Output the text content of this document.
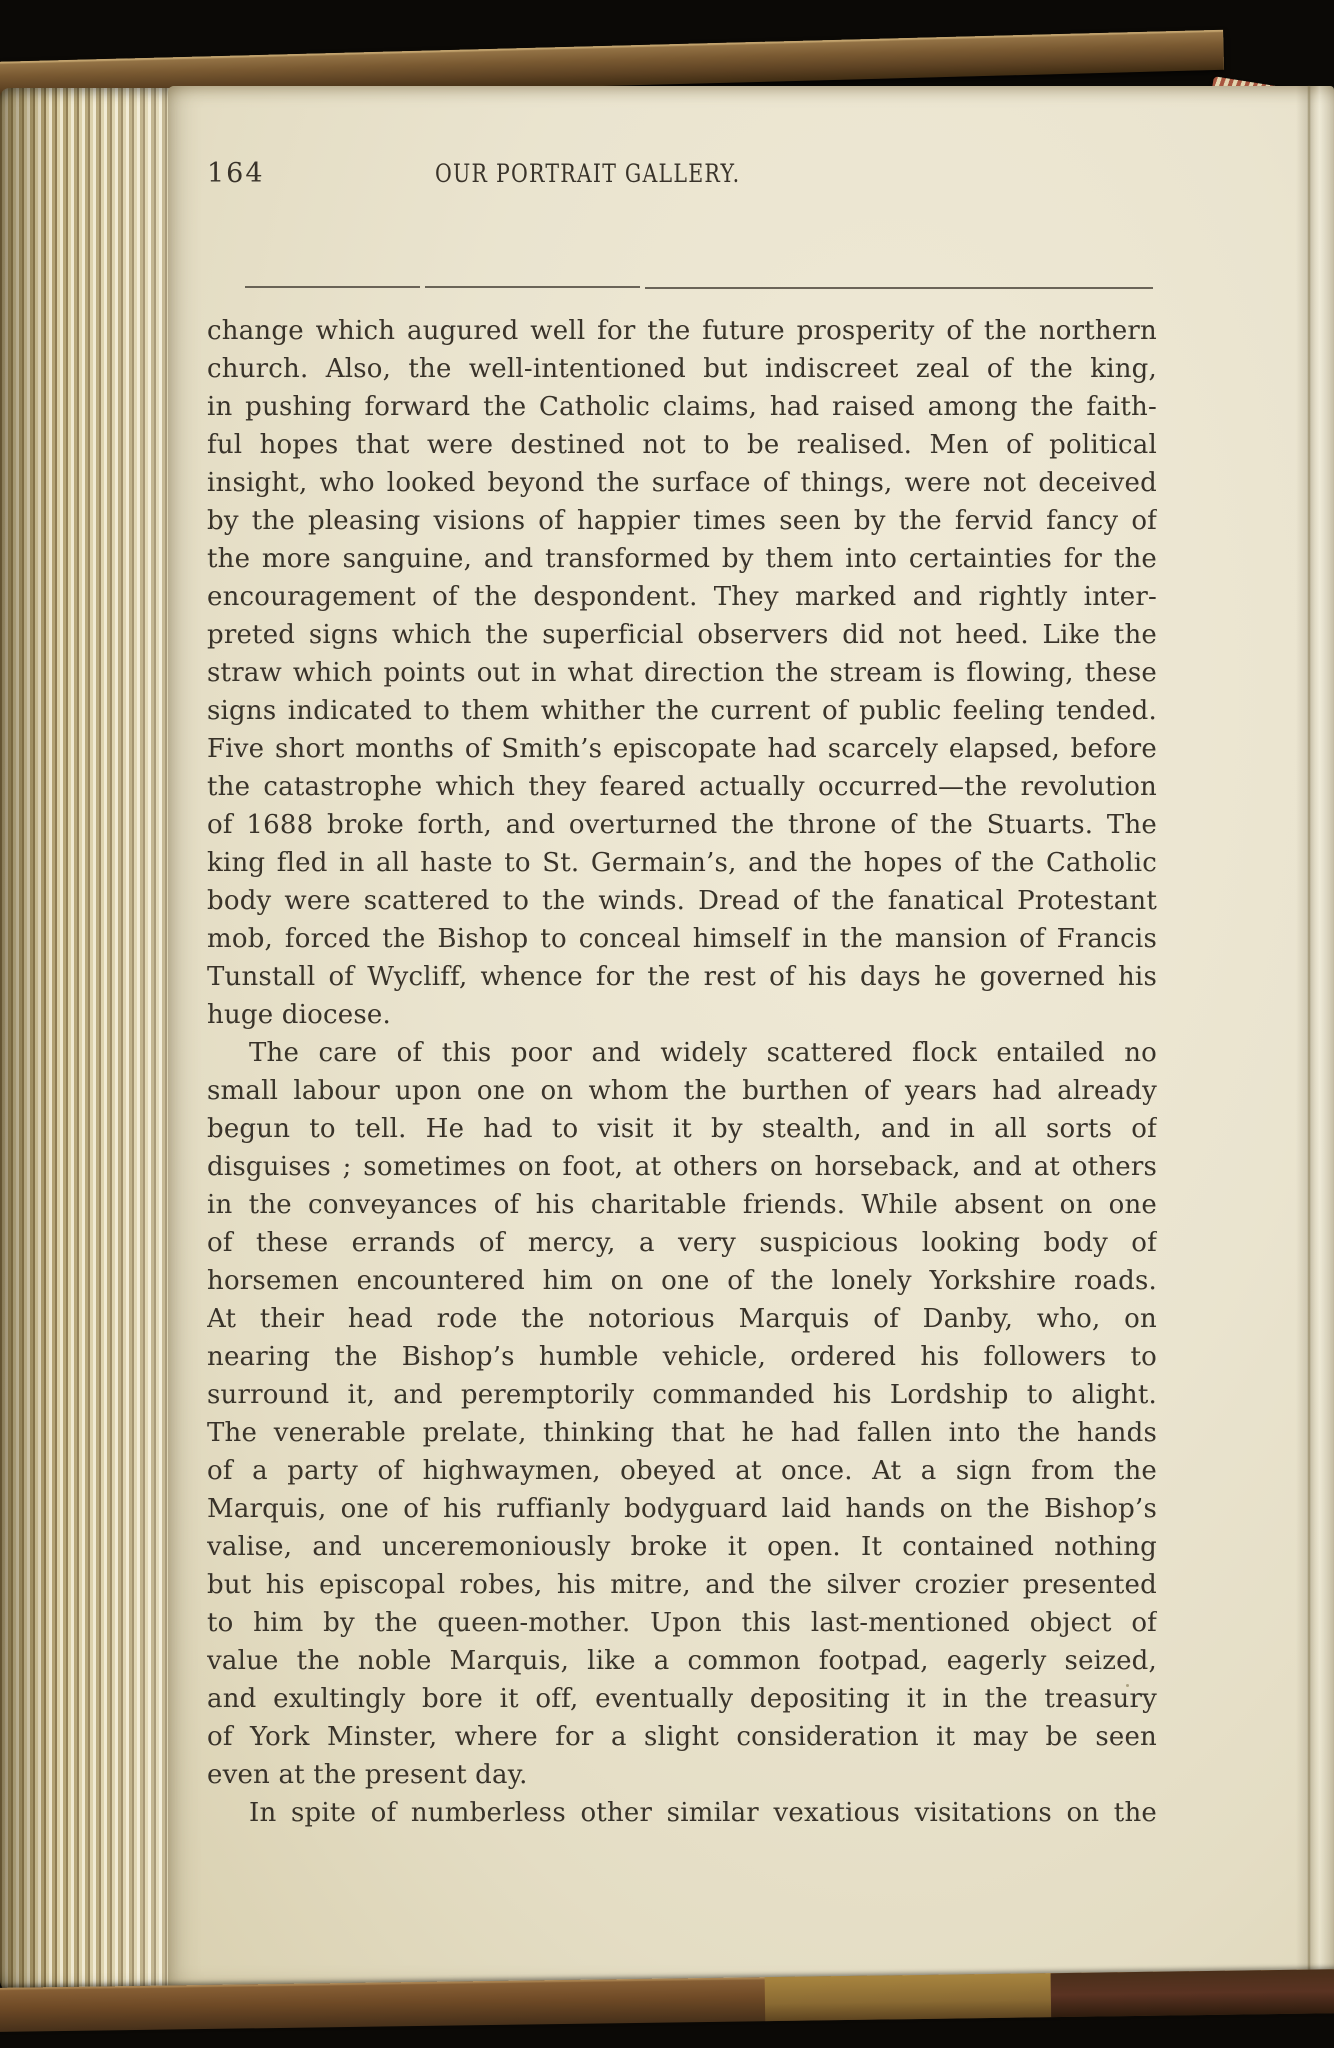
164	OUR PORTRAIT GALLERY.
change which augured well for the future prosperity of the northern
church. Also, the well-intentioned but indiscreet zeal of the king,
in pushing forward the Catholic claims, had raised among the faith-
ful hopes that were destined not to be realised. Men of political
insight, who looked beyond the surface of things, were not deceived
by the pleasing visions of happier times seen by the fervid fancy of
the more sanguine, and transformed by them into certainties for the
encouragement of the despondent. They marked and rightly inter-
preted signs which the superficial observers did not heed. Like the
straw which points out in what direction the stream is flowing, these
signs indicated to them whither the current of public feeling tended.
Five short months of Smith’s episcopate had scarcely elapsed, before
the catastrophe which they feared actually occurred—the revolution
of 1688 broke forth, and overturned the throne of the Stuarts. The
king fled in all haste to St. Germain’s, and the hopes of the Catholic
body were scattered to the winds. Dread of the fanatical Protestant
mob, forced the Bishop to conceal himself in the mansion of Francis
Tunstall of Wycliff, whence for the rest of his days he governed his
huge diocese.
The care of this poor and widely scattered flock entailed no
small labour upon one on whom the burthen of years had already
begun to tell. He had to visit it by stealth, and in all sorts of
disguises ; sometimes on foot, at others on horseback, and at others
in the conveyances of his charitable friends. While absent on one
of these errands of mercy, a very suspicious looking body of
horsemen encountered him on one of the lonely Yorkshire roads.
At their head rode the notorious Marquis of Danby, who, on
nearing the Bishop’s humble vehicle, ordered his followers to
surround it, and peremptorily commanded his Lordship to alight.
The venerable prelate, thinking that he had fallen into the hands
of a party of highwaymen, obeyed at once. At a sign from the
Marquis, one of his ruffianly bodyguard laid hands on the Bishop’s
valise, and unceremoniously broke it open. It contained nothing
but his episcopal robes, his mitre, and the silver crozier presented
to him by the queen-mother. Upon this last-mentioned object of
value the noble Marquis, like a common footpad, eagerly seized,
and exultingly bore it off, eventually depositing it in the treasury
of York Minster, where for a slight consideration it may be seen
even at the present day.
In spite of numberless other similar vexatious visitations on the
